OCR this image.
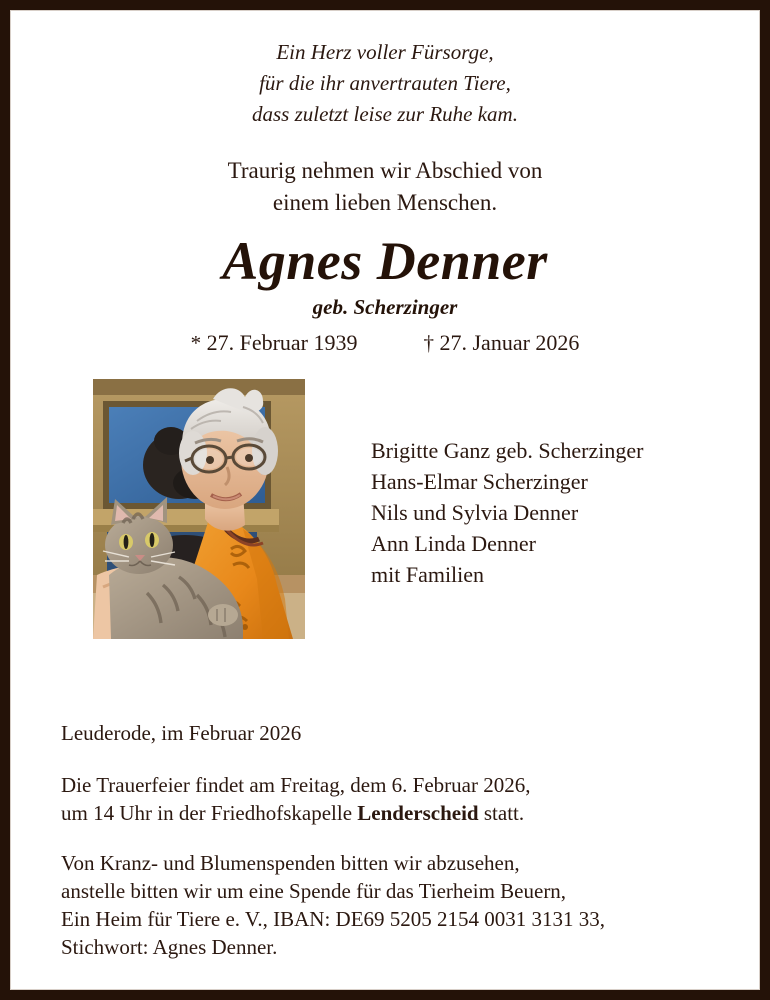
Ein Herz voller Fürsorge,
für die ihr anvertrauten Tiere,
dass zuletzt leise zur Ruhe kam.
Traurig nehmen wir Abschied von
einem lieben Menschen.
Agnes Denner
geb. Scherzinger
* 27. Februar 1939	† 27. Januar 2026
Brigitte Ganz geb. Scherzinger
Hans-Elmar Scherzinger
Nils und Sylvia Denner
Ann Linda Denner
mit Familien

Leuderode, im Februar 2026

Die Trauerfeier findet am Freitag, dem 6. Februar 2026,
um 14 Uhr in der Friedhofskapelle Lenderscheid statt.

Von Kranz- und Blumenspenden bitten wir abzusehen,
anstelle bitten wir um eine Spende für das Tierheim Beuern,
Ein Heim für Tiere e. V., IBAN: DE69 5205 2154 0031 3131 33,
Stichwort: Agnes Denner.
